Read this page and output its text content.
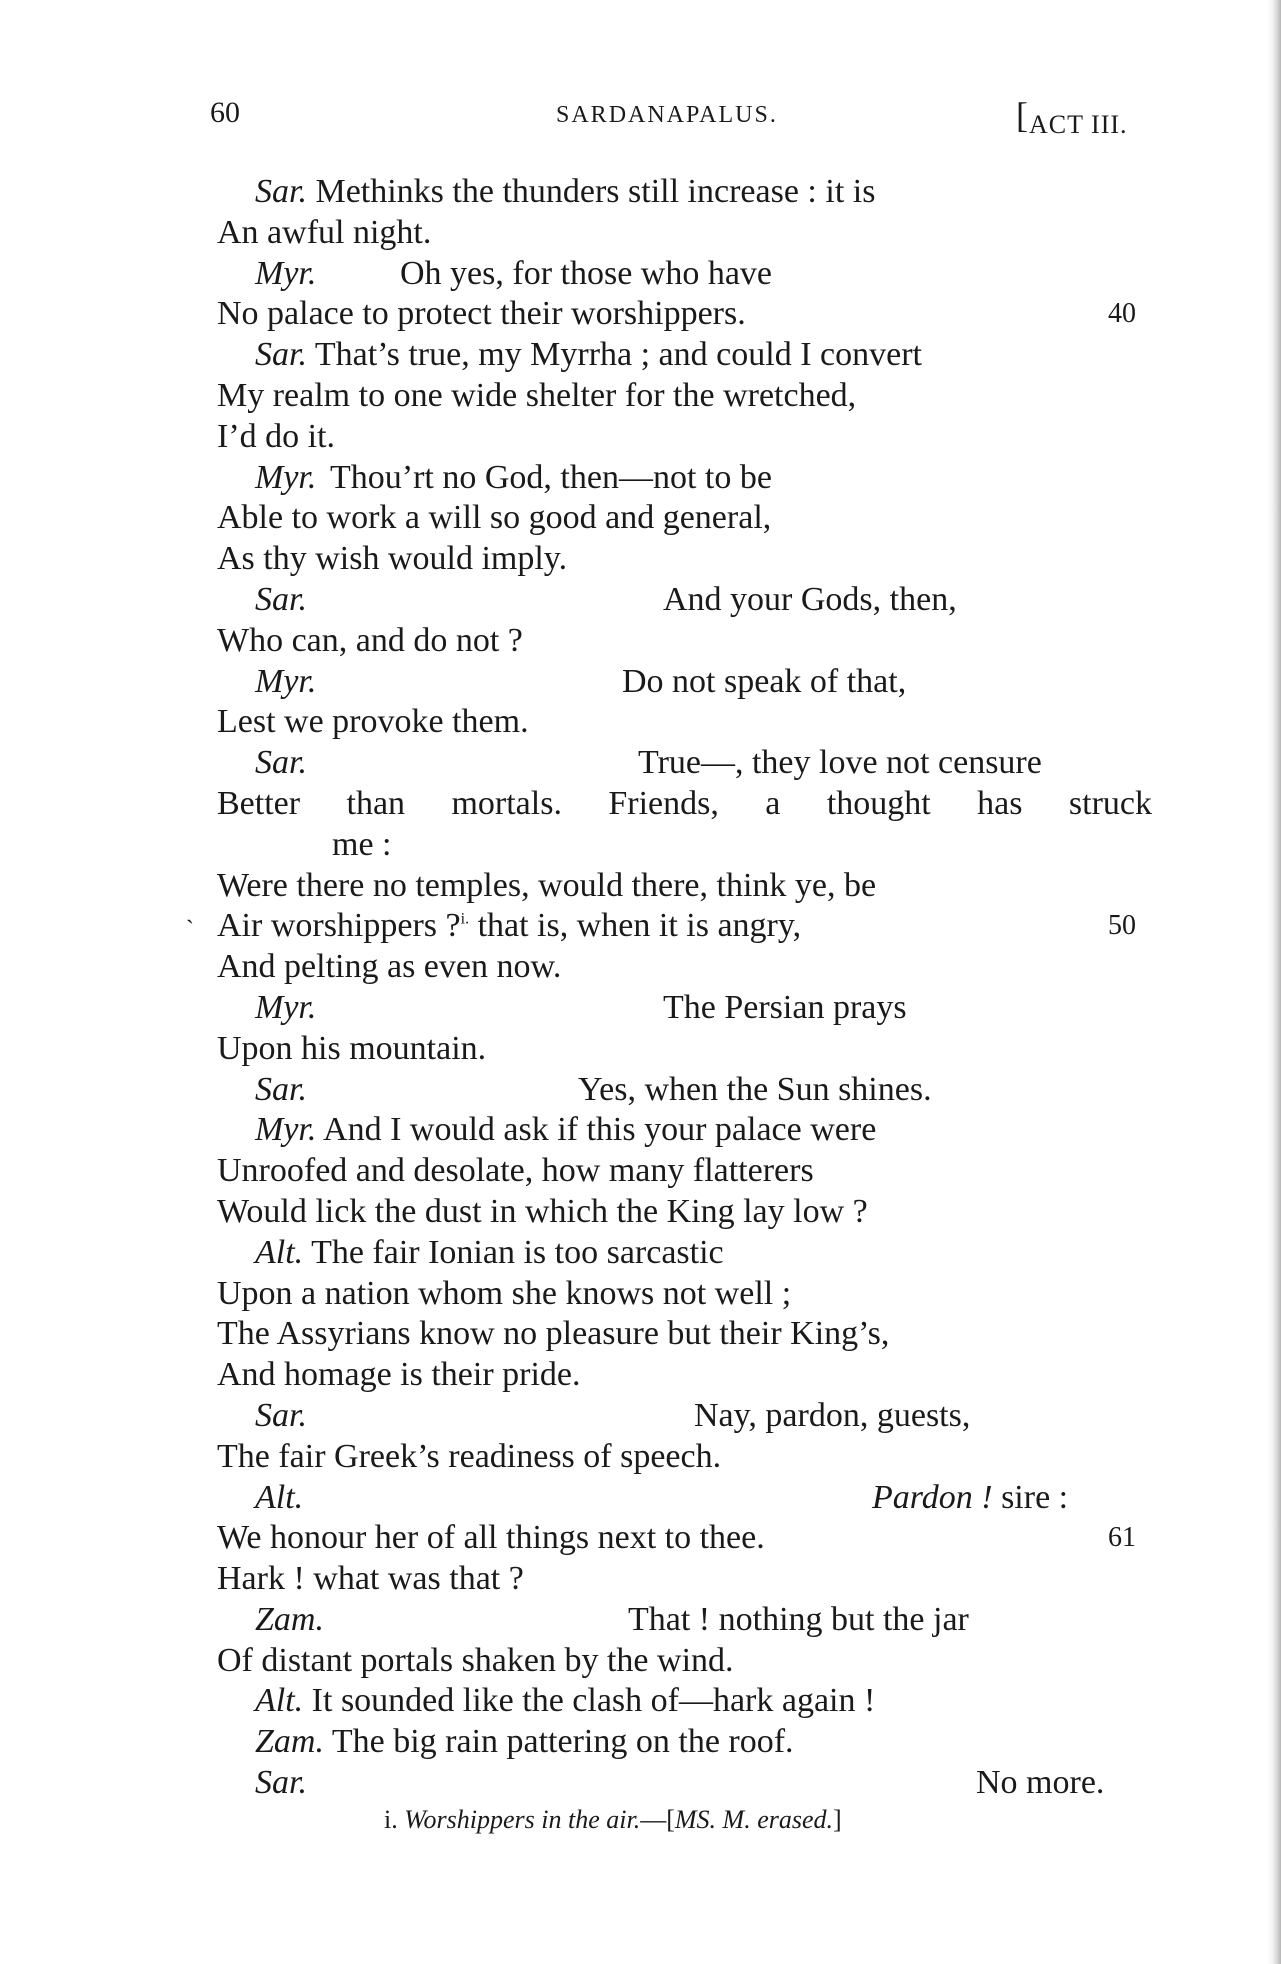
60	SARDANAPALUS.	[ACT III.
Sar. Methinks the thunders still increase : it is
An awful night.
Myr. Oh yes, for those who have
No palace to protect their worshippers.	40
Sar. That’s true, my Myrrha ; and could I convert
My realm to one wide shelter for the wretched,
I’d do it.
Myr. Thou’rt no God, then—not to be
Able to work a will so good and general,
As thy wish would imply.
Sar.	And your Gods, then,
Who can, and do not ?
Myr.	Do not speak of that,
Lest we provoke them.
Sar.	True—, they love not censure
Better than mortals. Friends, a thought has struck
me :
Were there no temples, would there, think ye, be
` Air worshippers ?$^{i.}$ that is, when it is angry,	50
And pelting as even now.
Myr.	The Persian prays
Upon his mountain.
Sar.	Yes, when the Sun shines.
Myr. And I would ask if this your palace were
Unroofed and desolate, how many flatterers
Would lick the dust in which the King lay low ?
Alt. The fair Ionian is too sarcastic
Upon a nation whom she knows not well ;
The Assyrians know no pleasure but their King’s,
And homage is their pride.
Sar.	Nay, pardon, guests,
The fair Greek’s readiness of speech.
Alt.	Pardon ! sire :
We honour her of all things next to thee.	61
Hark ! what was that ?
Zam.	That ! nothing but the jar
Of distant portals shaken by the wind.
Alt. It sounded like the clash of—hark again !
Zam. The big rain pattering on the roof.
Sar.	No more.
i. Worshippers in the air.—[MS. M. erased.]
